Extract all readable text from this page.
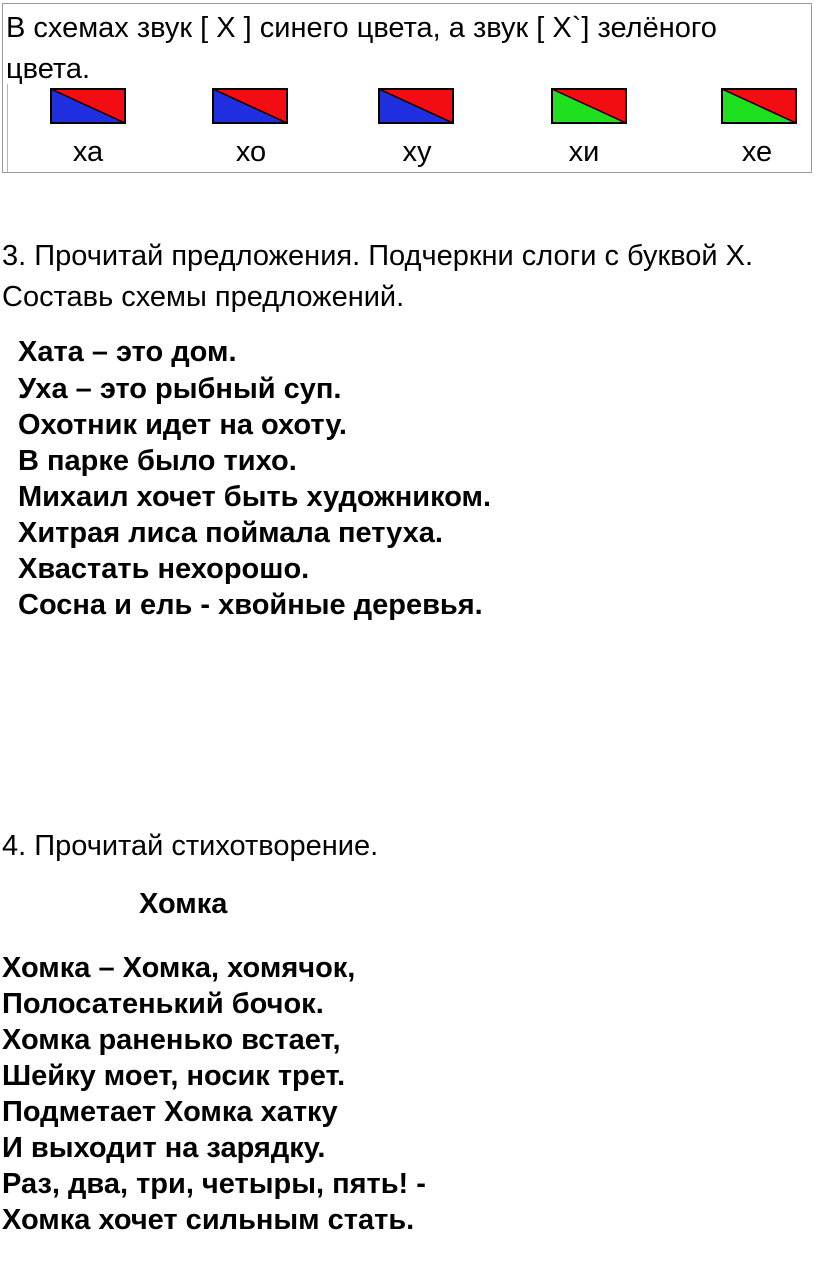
В схемах звук [ Х ] синего цвета, а звук [ Х`] зелёного цвета.

ха	хо	ху	хи	хе

3. Прочитай предложения. Подчеркни слоги с буквой Х. Составь схемы предложений.

Хата – это дом.

Уха – это рыбный суп.

Охотник идет на охоту.

В парке было тихо.

Михаил хочет быть художником.

Хитрая лиса поймала петуха.

Хвастать нехорошо.

Сосна и ель - хвойные деревья.

4. Прочитай стихотворение.

Хомка

Хомка – Хомка, хомячок,

Полосатенький бочок.

Хомка раненько встает,

Шейку моет, носик трет.

Подметает Хомка хатку

И выходит на зарядку.

Раз, два, три, четыры, пять! -

Хомка хочет сильным стать.
